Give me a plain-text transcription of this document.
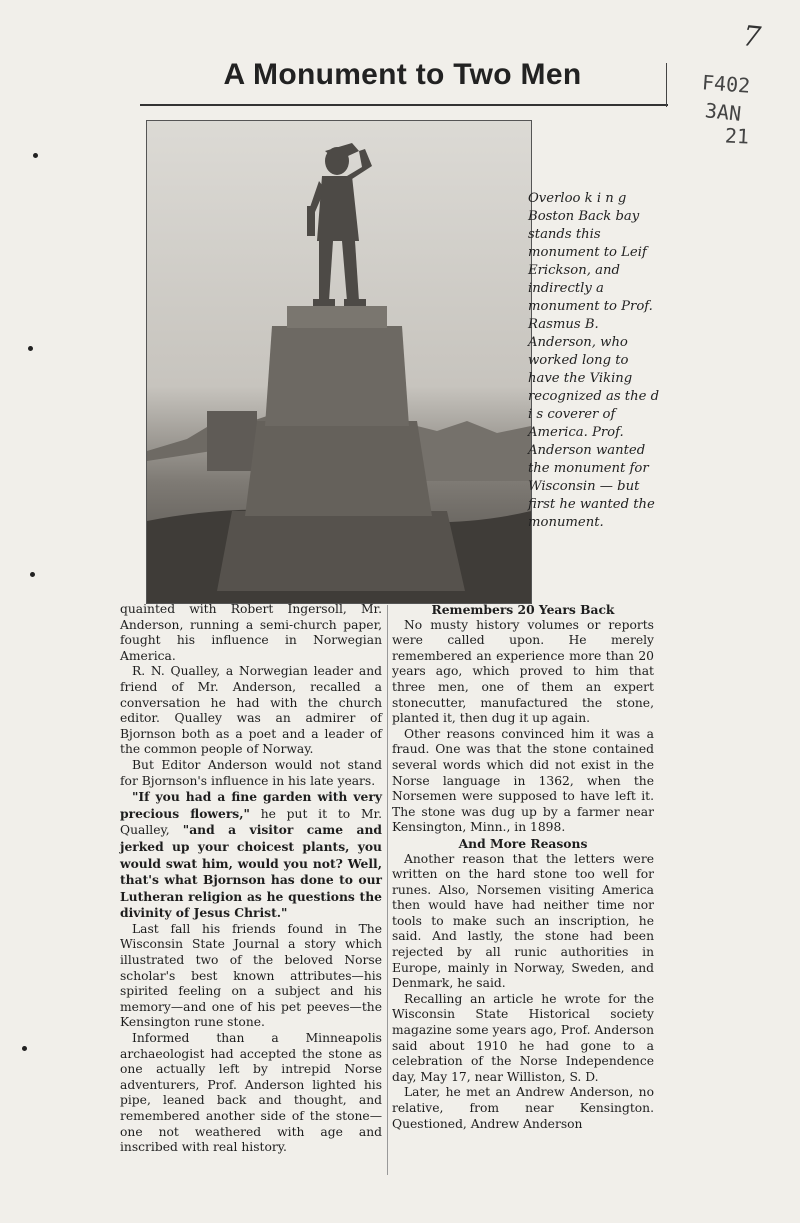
7
F402
3AN
21
A Monument to Two Men
Overloo k i n g Boston Back bay stands this monument to Leif Erickson, and indirectly a monument to Prof. Rasmus B. Anderson, who worked long to have the Viking recognized as the d i s coverer of America. Prof. Anderson wanted the monument for Wisconsin — but first he wanted the monument.

quainted with Robert Ingersoll, Mr. Anderson, running a semi-church paper, fought his influence in Norwegian America.

R. N. Qualley, a Norwegian leader and friend of Mr. Anderson, recalled a conversation he had with the church editor. Qualley was an admirer of Bjornson both as a poet and a leader of the common people of Norway.

But Editor Anderson would not stand for Bjornson's influence in his late years.

"If you had a fine garden with very precious flowers," he put it to Mr. Qualley, "and a visitor came and jerked up your choicest plants, you would swat him, would you not? Well, that's what Bjornson has done to our Lutheran religion as he questions the divinity of Jesus Christ."

Last fall his friends found in The Wisconsin State Journal a story which illustrated two of the beloved Norse scholar's best known attributes—his spirited feeling on a subject and his memory—and one of his pet peeves—the Kensington rune stone.

Informed than a Minneapolis archaeologist had accepted the stone as one actually left by intrepid Norse adventurers, Prof. Anderson lighted his pipe, leaned back and thought, and remembered another side of the stone—one not weathered with age and inscribed with real history.

Remembers 20 Years Back

No musty history volumes or reports were called upon. He merely remembered an experience more than 20 years ago, which proved to him that three men, one of them an expert stonecutter, manufactured the stone, planted it, then dug it up again.

Other reasons convinced him it was a fraud. One was that the stone contained several words which did not exist in the Norse language in 1362, when the Norsemen were supposed to have left it. The stone was dug up by a farmer near Kensington, Minn., in 1898.

And More Reasons

Another reason that the letters were written on the hard stone too well for runes. Also, Norsemen visiting America then would have had neither time nor tools to make such an inscription, he said. And lastly, the stone had been rejected by all runic authorities in Europe, mainly in Norway, Sweden, and Denmark, he said.

Recalling an article he wrote for the Wisconsin State Historical society magazine some years ago, Prof. Anderson said about 1910 he had gone to a celebration of the Norse Independence day, May 17, near Williston, S. D.

Later, he met an Andrew Anderson, no relative, from near Kensington. Questioned, Andrew Anderson
